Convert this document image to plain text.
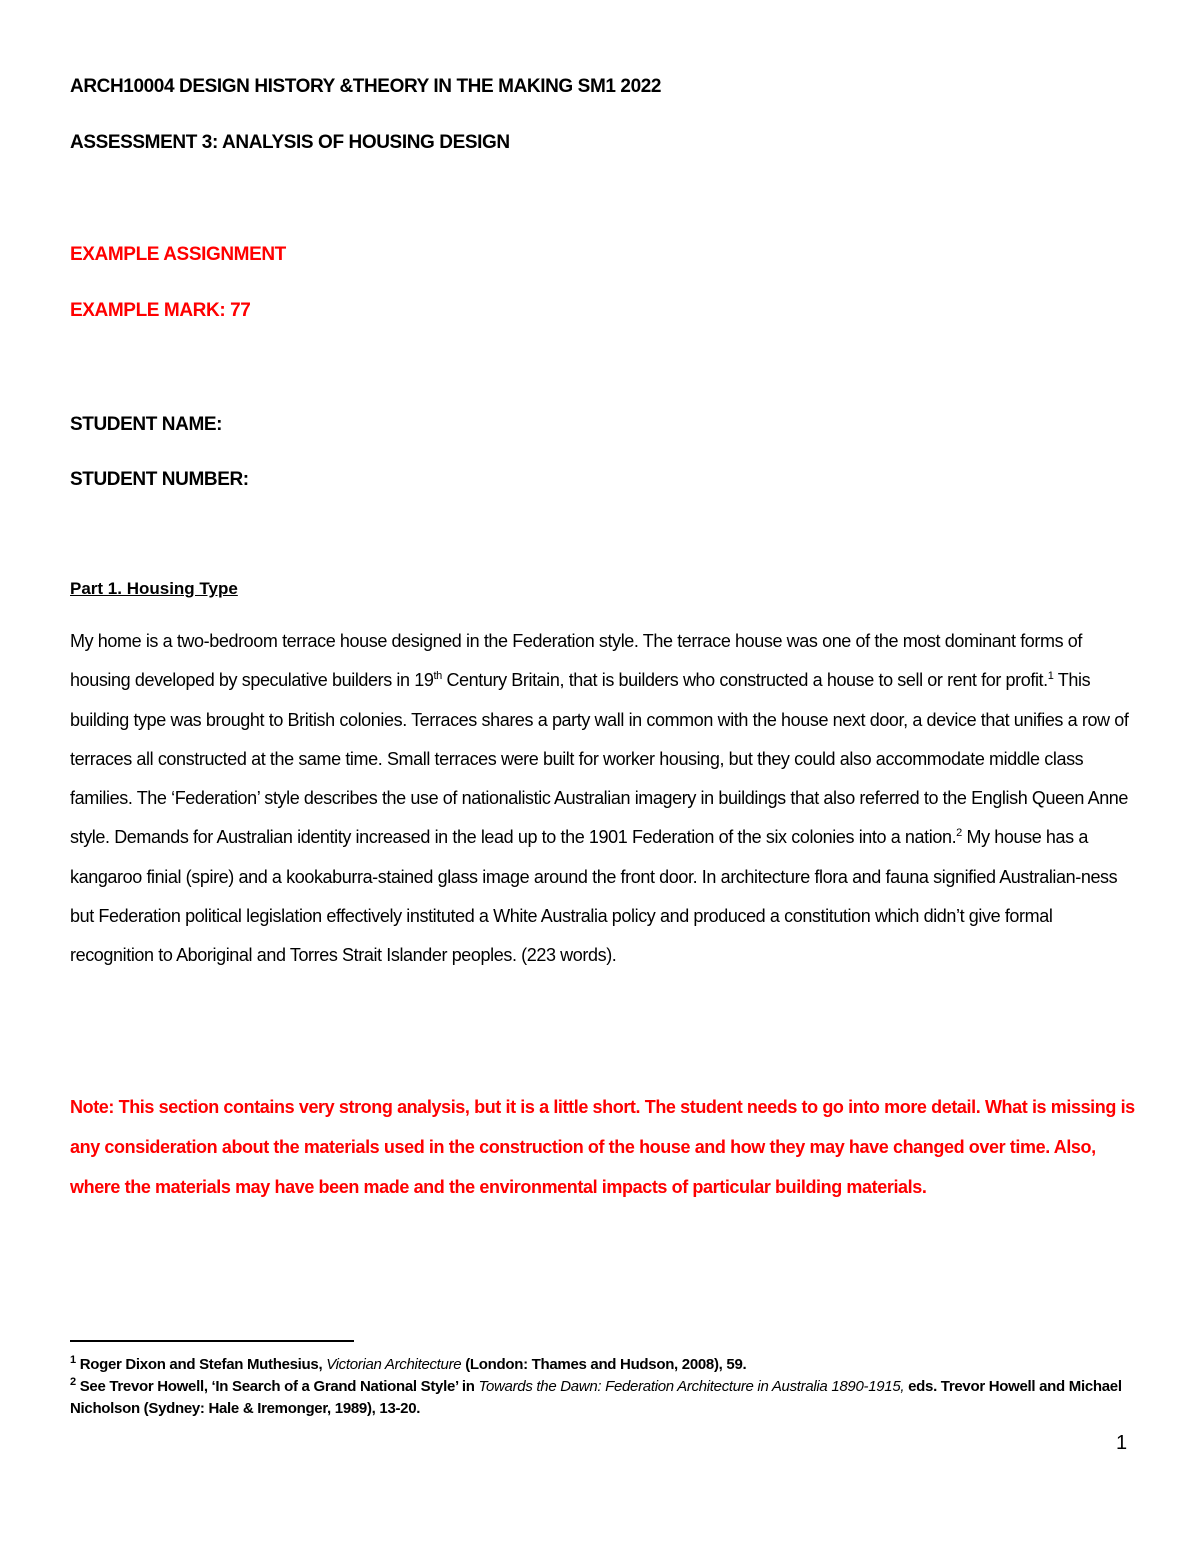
ARCH10004 DESIGN HISTORY &THEORY IN THE MAKING SM1 2022

ASSESSMENT 3: ANALYSIS OF HOUSING DESIGN

EXAMPLE ASSIGNMENT

EXAMPLE MARK: 77

STUDENT NAME:

STUDENT NUMBER:

Part 1. Housing Type

My home is a two-bedroom terrace house designed in the Federation style. The terrace house was one of the most dominant forms of housing developed by speculative builders in 19th Century Britain, that is builders who constructed a house to sell or rent for profit.$^1$ This building type was brought to British colonies. Terraces shares a party wall in common with the house next door, a device that unifies a row of terraces all constructed at the same time. Small terraces were built for worker housing, but they could also accommodate middle class families. The ‘Federation’ style describes the use of nationalistic Australian imagery in buildings that also referred to the English Queen Anne style. Demands for Australian identity increased in the lead up to the 1901 Federation of the six colonies into a nation.$^2$ My house has a kangaroo finial (spire) and a kookaburra-stained glass image around the front door. In architecture flora and fauna signified Australian-ness but Federation political legislation effectively instituted a White Australia policy and produced a constitution which didn’t give formal recognition to Aboriginal and Torres Strait Islander peoples. (223 words).

Note: This section contains very strong analysis, but it is a little short. The student needs to go into more detail. What is missing is any consideration about the materials used in the construction of the house and how they may have changed over time. Also, where the materials may have been made and the environmental impacts of particular building materials.

$^1$ Roger Dixon and Stefan Muthesius, Victorian Architecture (London: Thames and Hudson, 2008), 59.

$^2$ See Trevor Howell, ‘In Search of a Grand National Style’ in Towards the Dawn: Federation Architecture in Australia 1890-1915, eds. Trevor Howell and Michael Nicholson (Sydney: Hale & Iremonger, 1989), 13-20.

1
